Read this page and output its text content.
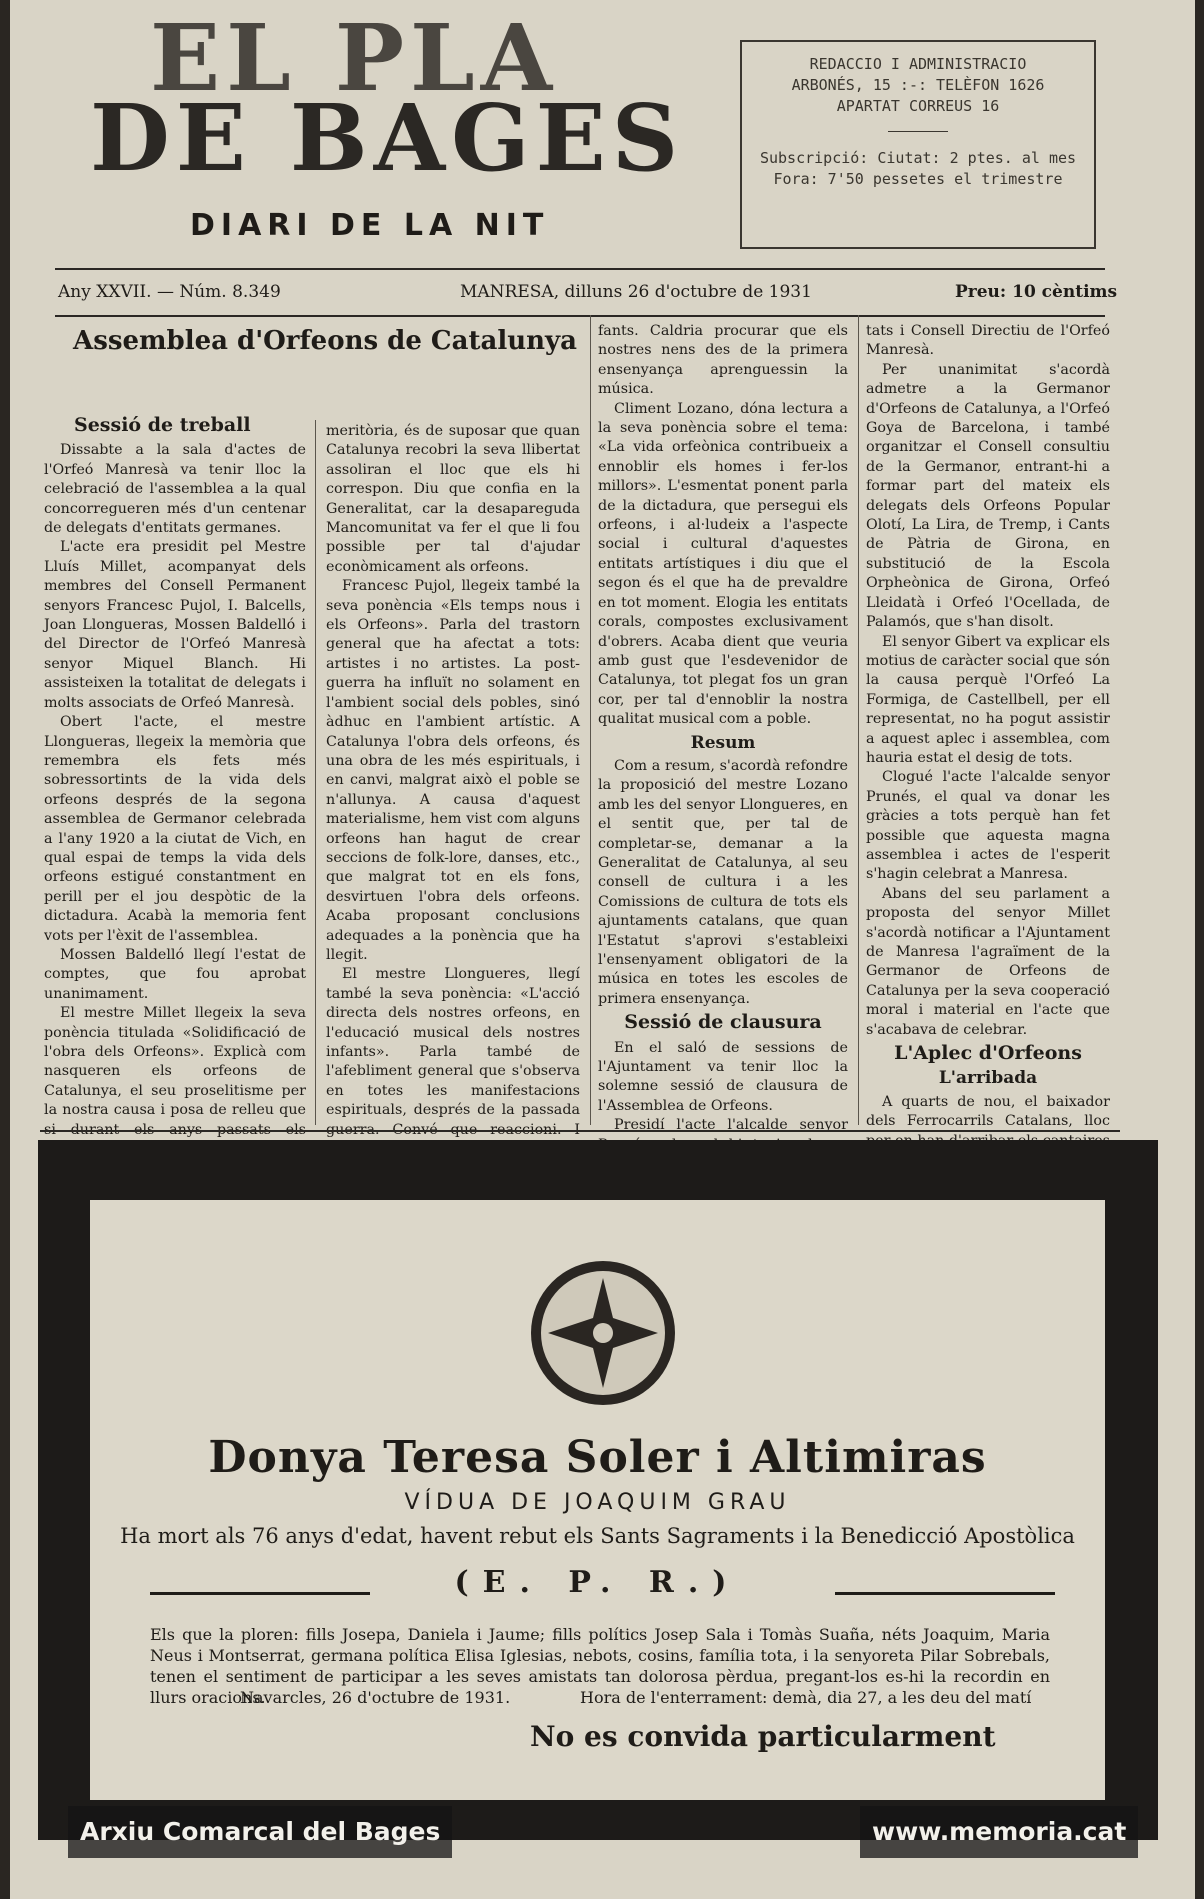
EL PLA
DE BAGES
DIARI DE LA NIT
REDACCIO I ADMINISTRACIO
ARBONÉS, 15 :-: TELÈFON 1626
APARTAT CORREUS 16
Subscripció: Ciutat: 2 ptes. al mes
Fora: 7'50 pessetes el trimestre
Any XXVII. — Núm. 8.349	MANRESA, dilluns 26 d'octubre de 1931	Preu: 10 cèntims
Assemblea d'Orfeons de Catalunya
Sessió de treball

Dissabte a la sala d'actes de l'Orfeó Manresà va tenir lloc la celebració de l'assemblea a la qual concorregueren més d'un centenar de delegats d'entitats germanes.

L'acte era presidit pel Mestre Lluís Millet, acompanyat dels membres del Consell Permanent senyors Francesc Pujol, I. Balcells, Joan Llongueras, Mossen Baldelló i del Director de l'Orfeó Manresà senyor Miquel Blanch. Hi assisteixen la totalitat de delegats i molts associats de Orfeó Manresà.

Obert l'acte, el mestre Llongueras, llegeix la memòria que remembra els fets més sobressortints de la vida dels orfeons després de la segona assemblea de Germanor celebrada a l'any 1920 a la ciutat de Vich, en qual espai de temps la vida dels orfeons estigué constantment en perill per el jou despòtic de la dictadura. Acabà la memoria fent vots per l'èxit de l'assemblea.

Mossen Baldelló llegí l'estat de comptes, que fou aprobat unanimament.

El mestre Millet llegeix la seva ponència titulada «Solidificació de l'obra dels Orfeons». Explicà com nasqueren els orfeons de Catalunya, el seu proselitisme per la nostra causa i posa de relleu que si durant els anys passats els

meritòria, és de suposar que quan Catalunya recobri la seva llibertat assoliran el lloc que els hi correspon. Diu que confia en la Generalitat, car la desapareguda Mancomunitat va fer el que li fou possible per tal d'ajudar econòmicament als orfeons.

Francesc Pujol, llegeix també la seva ponència «Els temps nous i els Orfeons». Parla del trastorn general que ha afectat a tots: artistes i no artistes. La post-guerra ha influït no solament en l'ambient social dels pobles, sinó àdhuc en l'ambient artístic. A Catalunya l'obra dels orfeons, és una obra de les més espirituals, i en canvi, malgrat això el poble se n'allunya. A causa d'aquest materialisme, hem vist com alguns orfeons han hagut de crear seccions de folk-lore, danses, etc., que malgrat tot en els fons, desvirtuen l'obra dels orfeons. Acaba proposant conclusions adequades a la ponència que ha llegit.

El mestre Llongueres, llegí també la seva ponència: «L'acció directa dels nostres orfeons, en l'educació musical dels nostres infants». Parla també de l'afebliment general que s'observa en totes les manifestacions espirituals, després de la passada guerra. Convé que reaccioni. I

fants. Caldria procurar que els nostres nens des de la primera ensenyança aprenguessin la música.

Climent Lozano, dóna lectura a la seva ponència sobre el tema: «La vida orfeònica contribueix a ennoblir els homes i fer-los millors». L'esmentat ponent parla de la dictadura, que persegui els orfeons, i al·ludeix a l'aspecte social i cultural d'aquestes entitats artístiques i diu que el segon és el que ha de prevaldre en tot moment. Elogia les entitats corals, compostes exclusivament d'obrers. Acaba dient que veuria amb gust que l'esdevenidor de Catalunya, tot plegat fos un gran cor, per tal d'ennoblir la nostra qualitat musical com a poble.

Resum

Com a resum, s'acordà refondre la proposició del mestre Lozano amb les del senyor Llongueres, en el sentit que, per tal de completar-se, demanar a la Generalitat de Catalunya, al seu consell de cultura i a les Comissions de cultura de tots els ajuntaments catalans, que quan l'Estatut s'aprovi s'estableixi l'ensenyament obligatori de la música en totes les escoles de primera ensenyança.

Sessió de clausura

En el saló de sessions de l'Ajuntament va tenir lloc la solemne sessió de clausura de l'Assemblea de Orfeons.

Presidí l'acte l'alcalde senyor

tats i Consell Directiu de l'Orfeó Manresà.

Per unanimitat s'acordà admetre a la Germanor d'Orfeons de Catalunya, a l'Orfeó Goya de Barcelona, i també organitzar el Consell consultiu de la Germanor, entrant-hi a formar part del mateix els delegats dels Orfeons Popular Olotí, La Lira, de Tremp, i Cants de Pàtria de Girona, en substitució de la Escola Orpheònica de Girona, Orfeó Lleidatà i Orfeó l'Ocellada, de Palamós, que s'han disolt.

El senyor Gibert va explicar els motius de caràcter social que són la causa perquè l'Orfeó La Formiga, de Castellbell, per ell representat, no ha pogut assistir a aquest aplec i assemblea, com hauria estat el desig de tots.

Clogué l'acte l'alcalde senyor Prunés, el qual va donar les gràcies a tots perquè han fet possible que aquesta magna assemblea i actes de l'esperit s'hagin celebrat a Manresa.

Abans del seu parlament a proposta del senyor Millet s'acordà notificar a l'Ajuntament de Manresa l'agraïment de la Germanor de Orfeons de Catalunya per la seva cooperació moral i material en l'acte que s'acabava de celebrar.

L'Aplec d'Orfeons
L'arribada

A quarts de nou, el baixador dels Ferrocarrils Catalans, lloc

Donya Teresa Soler i Altimiras
VÍDUA DE JOAQUIM GRAU
Ha mort als 76 anys d'edat, havent rebut els Sants Sagraments i la Benedicció Apostòlica
(E. P. R.)
Els que la ploren: fills Josepa, Daniela i Jaume; fills polítics Josep Sala i Tomàs Suaña, néts Joaquim, Maria Neus i Montserrat, germana política Elisa Iglesias, nebots, cosins, família tota, i la senyoreta Pilar Sobrebals, tenen el sentiment de participar a les seves amistats tan dolorosa pèrdua, pregant-los es-hi la recordin en llurs oracions.
Navarcles, 26 d'octubre de 1931.	Hora de l'enterrament: demà, dia 27, a les deu del matí
No es convida particularment
Arxiu Comarcal del Bages	www.memoria.cat
